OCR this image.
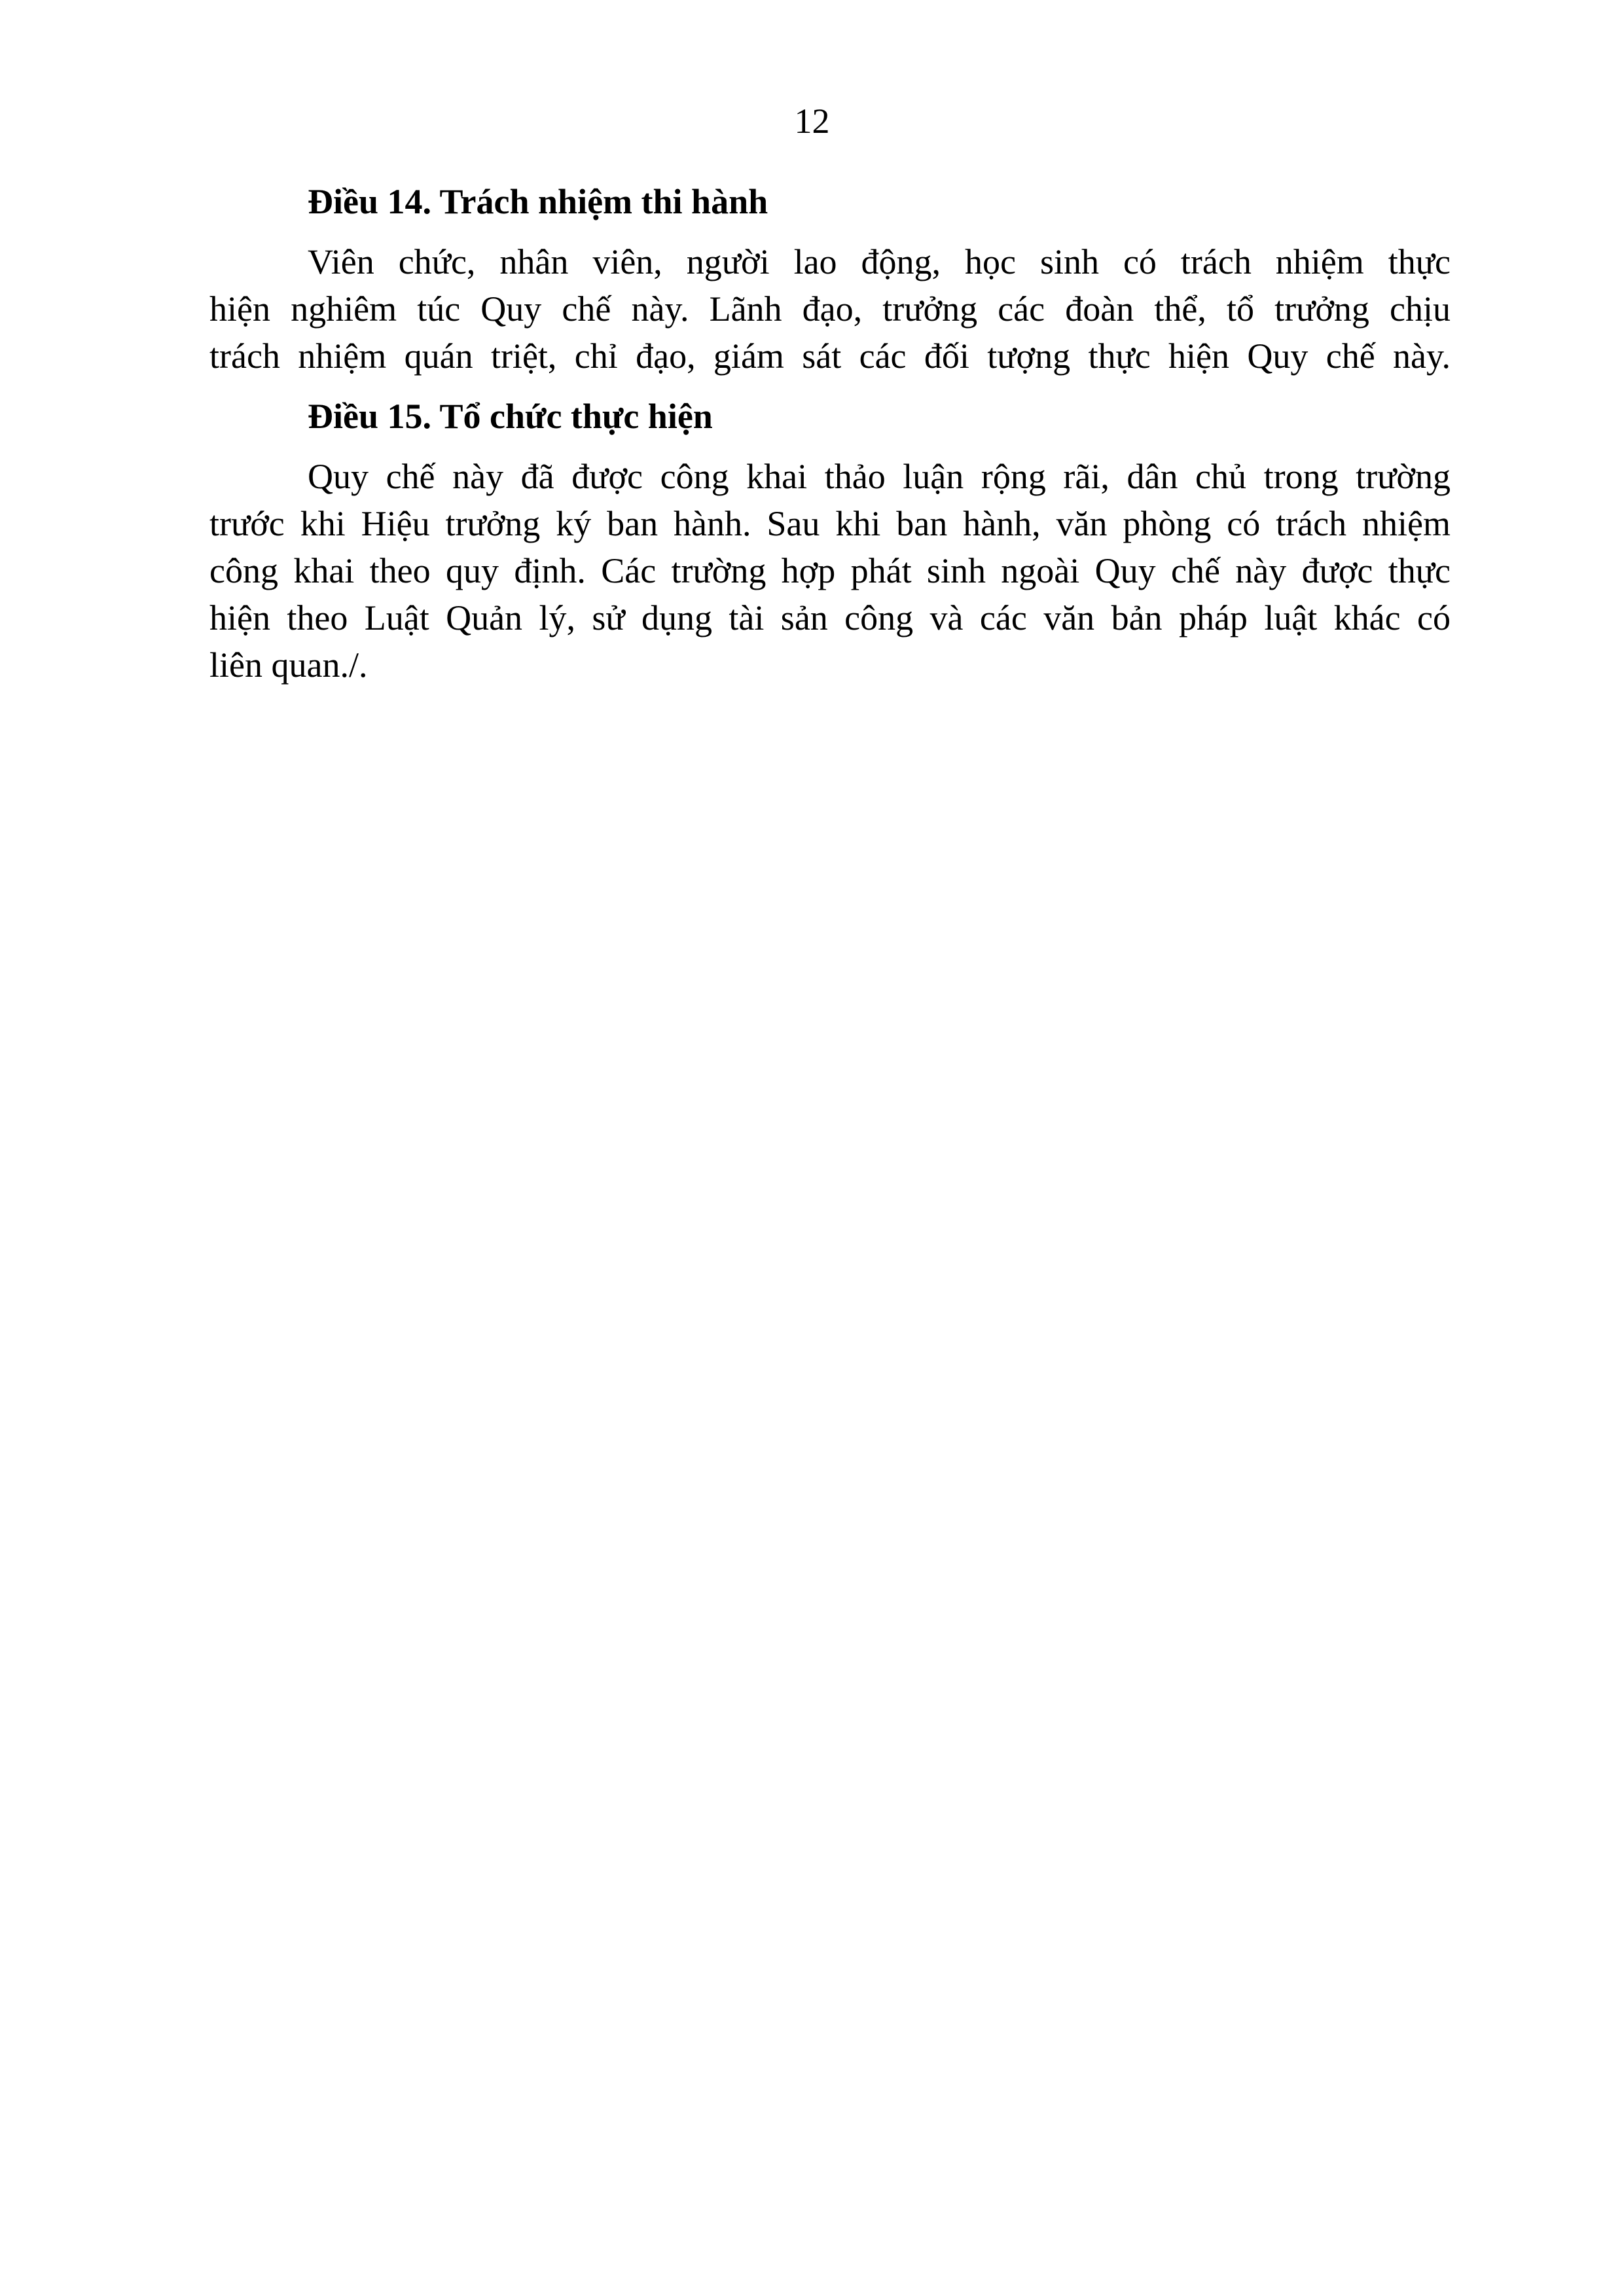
12

Điều 14. Trách nhiệm thi hành

Viên chức, nhân viên, người lao động, học sinh có trách nhiệm thực
hiện nghiêm túc Quy chế này. Lãnh đạo, trưởng các đoàn thể, tổ trưởng chịu
trách nhiệm quán triệt, chỉ đạo, giám sát các đối tượng thực hiện Quy chế này.

Điều 15. Tổ chức thực hiện

Quy chế này đã được công khai thảo luận rộng rãi, dân chủ trong trường
trước khi Hiệu trưởng ký ban hành. Sau khi ban hành, văn phòng có trách nhiệm
công khai theo quy định. Các trường hợp phát sinh ngoài Quy chế này được thực
hiện theo Luật Quản lý, sử dụng tài sản công và các văn bản pháp luật khác có
liên quan./.
